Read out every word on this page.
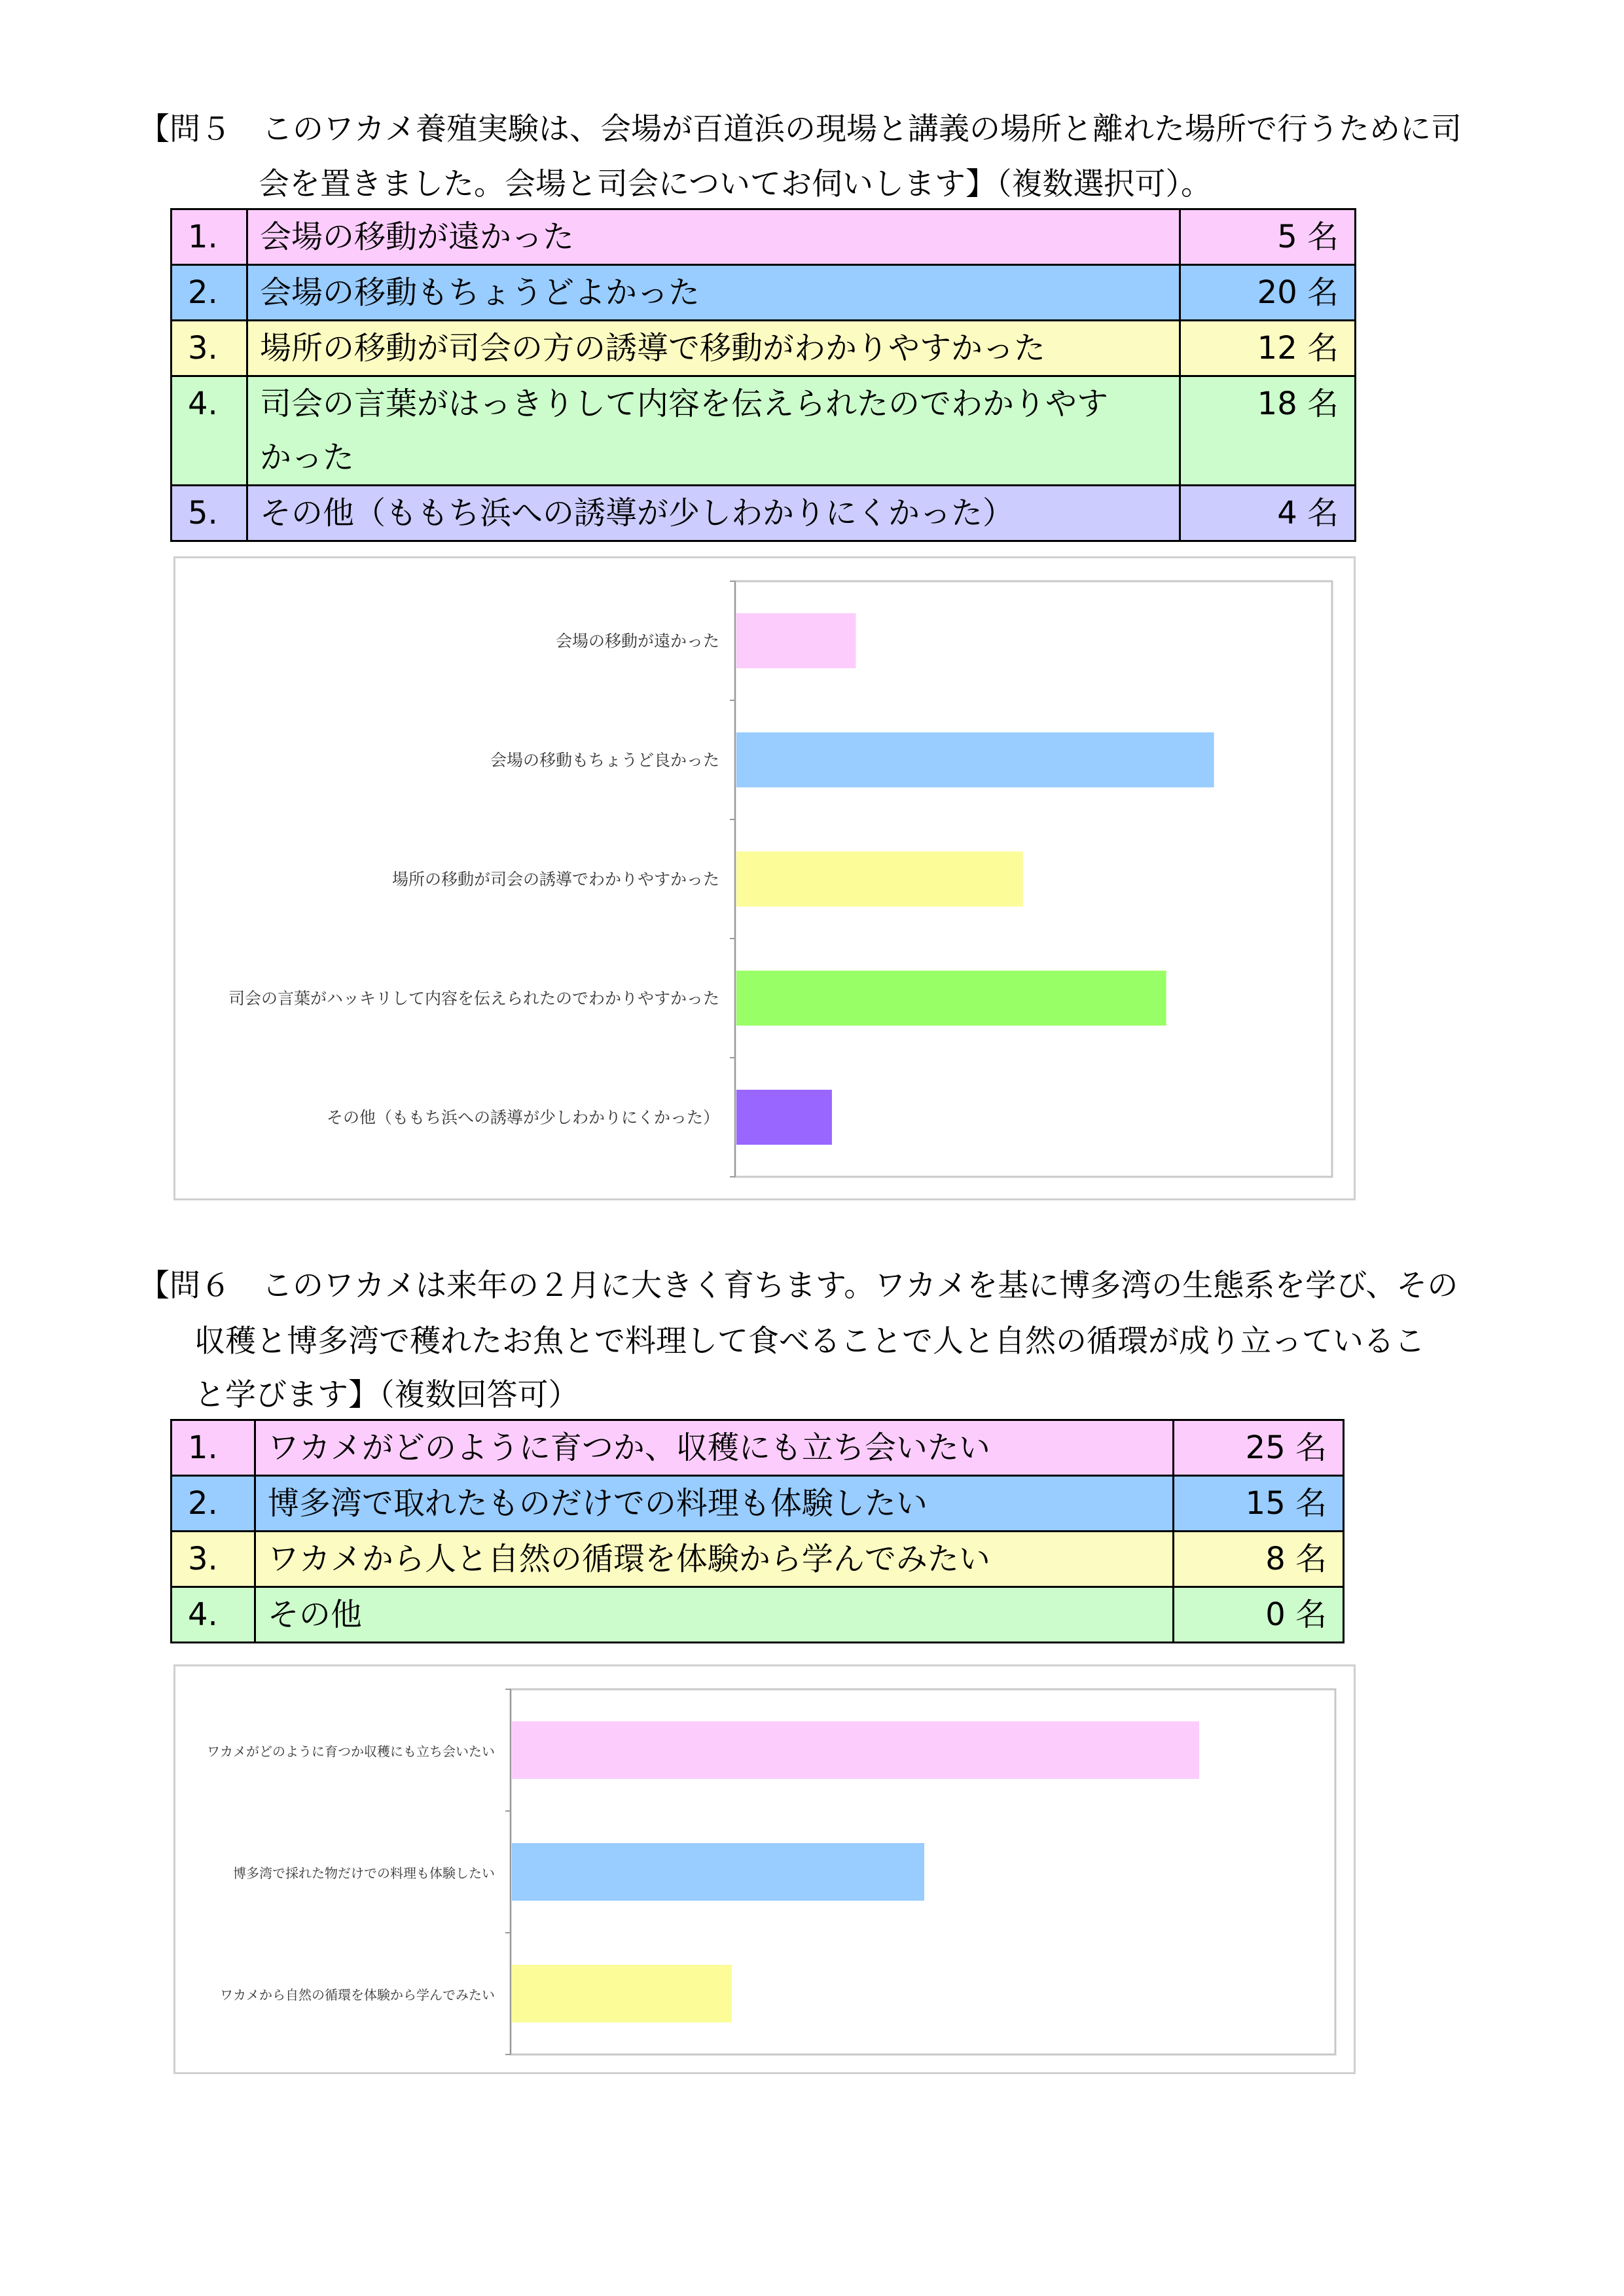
【問５　このワカメ養殖実験は、会場が百道浜の現場と講義の場所と離れた場所で行うために司
会を置きました。会場と司会についてお伺いします】（複数選択可）。
1.	会場の移動が遠かった	5 名
2.	会場の移動もちょうどよかった	20 名
3.	場所の移動が司会の方の誘導で移動がわかりやすかった	12 名
4.	司会の言葉がはっきりして内容を伝えられたのでわかりやす
かった	18 名
5.	その他（ももち浜への誘導が少しわかりにくかった）	4 名
会場の移動が遠かった
会場の移動もちょうど良かった
場所の移動が司会の誘導でわかりやすかった
司会の言葉がハッキリして内容を伝えられたのでわかりやすかった
その他（ももち浜への誘導が少しわかりにくかった）
【問６　このワカメは来年の２月に大きく育ちます。ワカメを基に博多湾の生態系を学び、その
収穫と博多湾で穫れたお魚とで料理して食べることで人と自然の循環が成り立っているこ
と学びます】（複数回答可）
1.	ワカメがどのように育つか、収穫にも立ち会いたい	25 名
2.	博多湾で取れたものだけでの料理も体験したい	15 名
3.	ワカメから人と自然の循環を体験から学んでみたい	8 名
4.	その他	0 名
ワカメがどのように育つか収穫にも立ち会いたい
博多湾で採れた物だけでの料理も体験したい
ワカメから自然の循環を体験から学んでみたい
